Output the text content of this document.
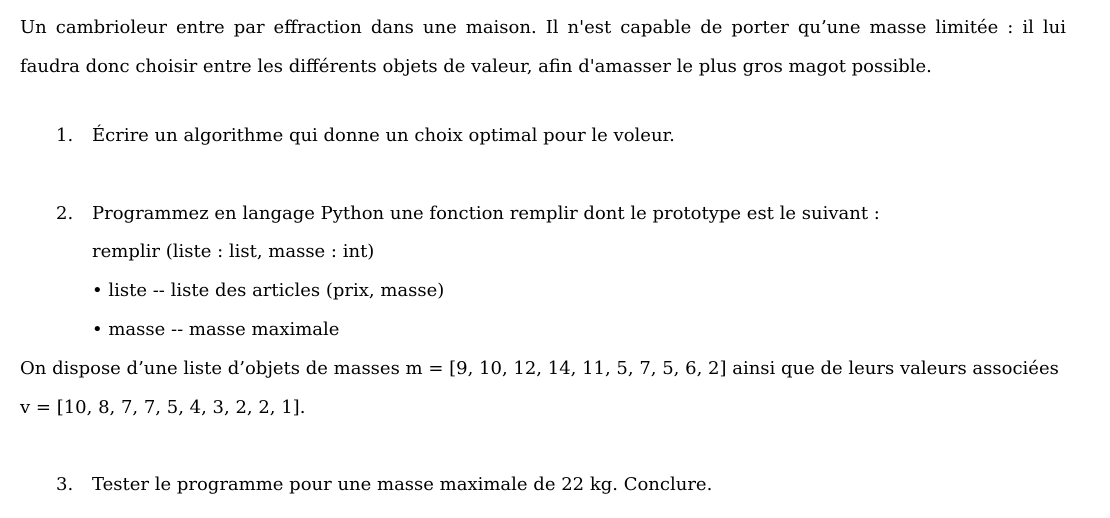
Un cambrioleur entre par effraction dans une maison. Il n'est capable de porter qu’une masse limitée : il lui faudra donc choisir entre les différents objets de valeur, afin d'amasser le plus gros magot possible.
1. Écrire un algorithme qui donne un choix optimal pour le voleur.
2. Programmez en langage Python une fonction remplir dont le prototype est le suivant :
remplir (liste : list, masse : int)
• liste -- liste des articles (prix, masse)
• masse -- masse maximale
On dispose d’une liste d’objets de masses m = [9, 10, 12, 14, 11, 5, 7, 5, 6, 2] ainsi que de leurs valeurs associées
v = [10, 8, 7, 7, 5, 4, 3, 2, 2, 1].
3. Tester le programme pour une masse maximale de 22 kg. Conclure.
